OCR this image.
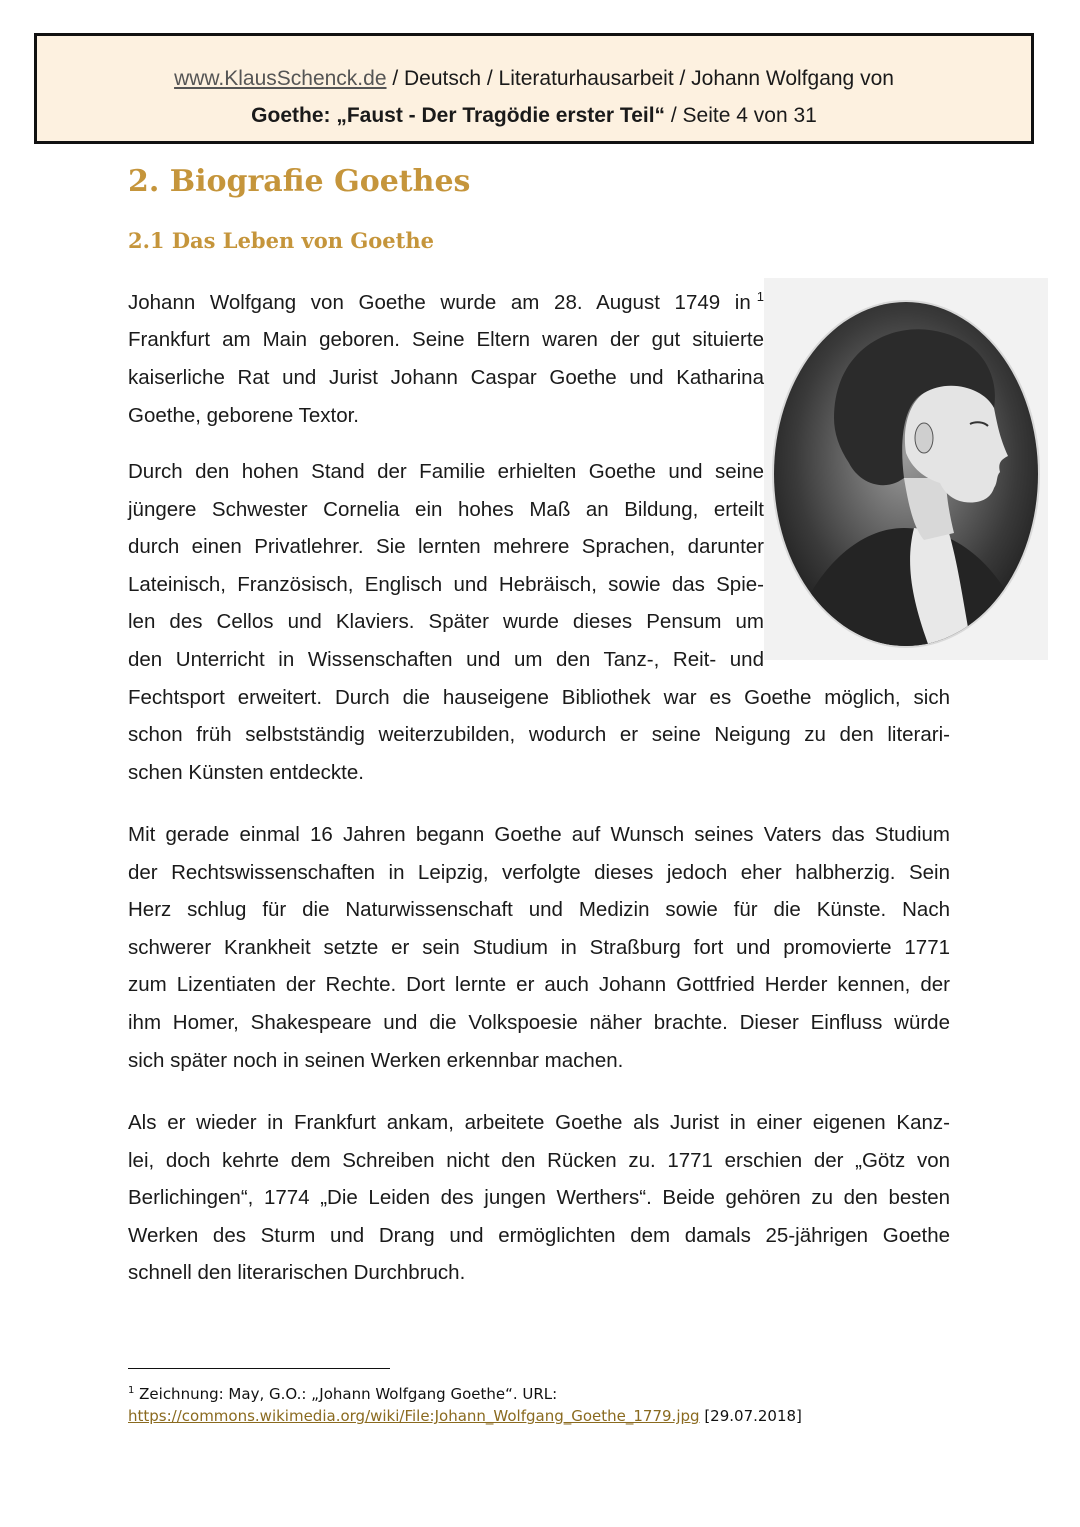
www.KlausSchenck.de / Deutsch / Literaturhausarbeit / Johann Wolfgang von
Goethe: „Faust - Der Tragödie erster Teil“ / Seite 4 von 31
2. Biografie Goethes
2.1 Das Leben von Goethe
Johann Wolfgang von Goethe wurde am 28. August 1749 in $^1$
Frankfurt am Main geboren. Seine Eltern waren der gut situierte
kaiserliche Rat und Jurist Johann Caspar Goethe und Katharina
Goethe, geborene Textor.
Durch den hohen Stand der Familie erhielten Goethe und seine
jüngere Schwester Cornelia ein hohes Maß an Bildung, erteilt
durch einen Privatlehrer. Sie lernten mehrere Sprachen, darunter
Lateinisch, Französisch, Englisch und Hebräisch, sowie das Spie-
len des Cellos und Klaviers. Später wurde dieses Pensum um
den Unterricht in Wissenschaften und um den Tanz-, Reit- und
Fechtsport erweitert. Durch die hauseigene Bibliothek war es Goethe möglich, sich
schon früh selbstständig weiterzubilden, wodurch er seine Neigung zu den literari-
schen Künsten entdeckte.
Mit gerade einmal 16 Jahren begann Goethe auf Wunsch seines Vaters das Studium
der Rechtswissenschaften in Leipzig, verfolgte dieses jedoch eher halbherzig. Sein
Herz schlug für die Naturwissenschaft und Medizin sowie für die Künste. Nach
schwerer Krankheit setzte er sein Studium in Straßburg fort und promovierte 1771
zum Lizentiaten der Rechte. Dort lernte er auch Johann Gottfried Herder kennen, der
ihm Homer, Shakespeare und die Volkspoesie näher brachte. Dieser Einfluss würde
sich später noch in seinen Werken erkennbar machen.
Als er wieder in Frankfurt ankam, arbeitete Goethe als Jurist in einer eigenen Kanz-
lei, doch kehrte dem Schreiben nicht den Rücken zu. 1771 erschien der „Götz von
Berlichingen“, 1774 „Die Leiden des jungen Werthers“. Beide gehören zu den besten
Werken des Sturm und Drang und ermöglichten dem damals 25-jährigen Goethe
schnell den literarischen Durchbruch.
$^1$ Zeichnung: May, G.O.: „Johann Wolfgang Goethe“. URL:
https://commons.wikimedia.org/wiki/File:Johann_Wolfgang_Goethe_1779.jpg [29.07.2018]
